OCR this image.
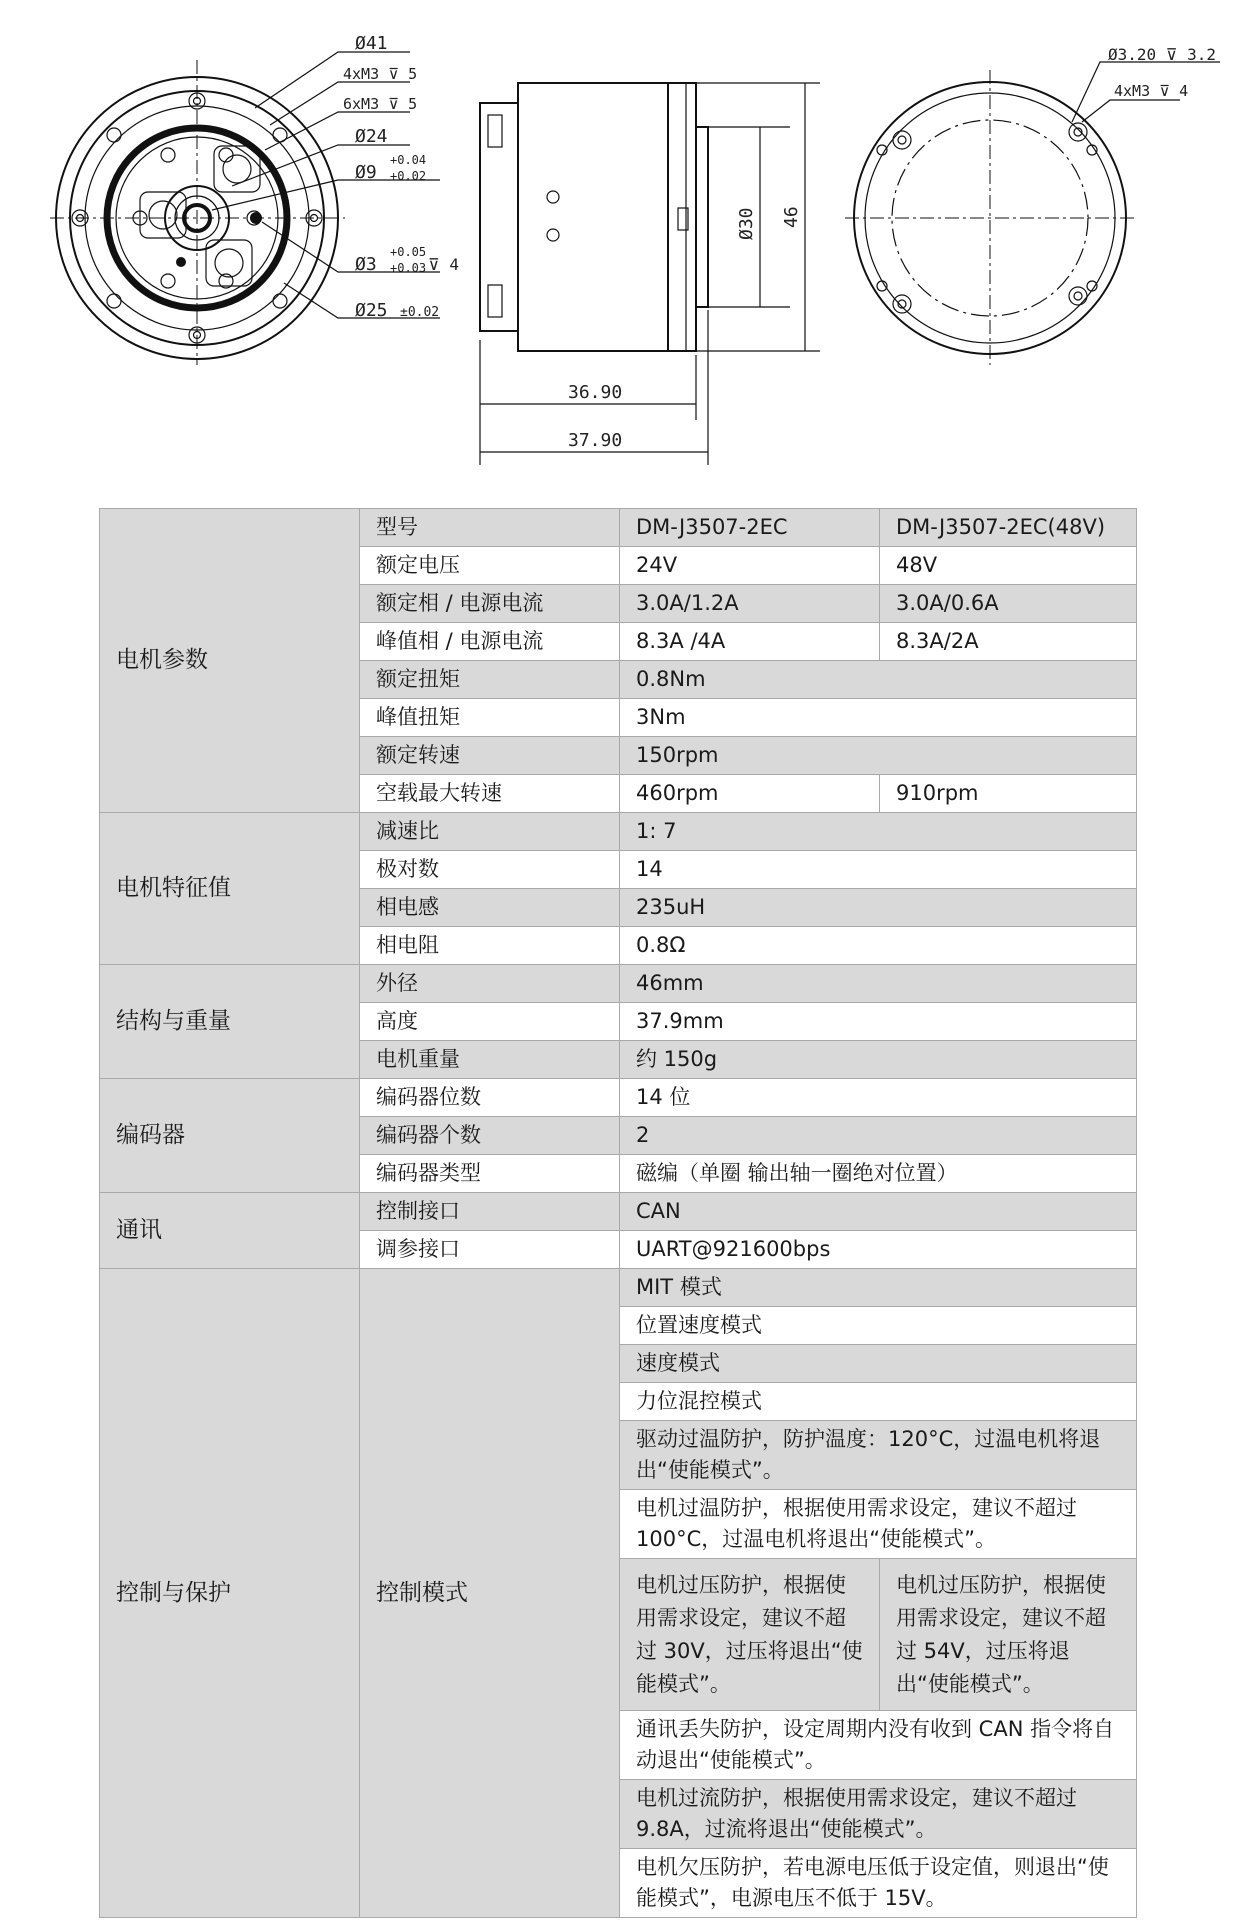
Ø41
4xM3 ⊽ 5
6xM3 ⊽ 5
Ø24
Ø9
+0.04
+0.02
Ø3
+0.05
+0.03 ⊽ 4
Ø25 ±0.02
Ø30 46
36.90
37.90
Ø3.20 ⊽ 3.2
4xM3 ⊽ 4
电机参数	型号	DM-J3507-2EC	DM-J3507-2EC(48V)
	额定电压	24V	48V
	额定相 / 电源电流	3.0A/1.2A	3.0A/0.6A
	峰值相 / 电源电流	8.3A /4A	8.3A/2A
	额定扭矩	0.8Nm	
	峰值扭矩	3Nm	
	额定转速	150rpm	
	空载最大转速	460rpm	910rpm
电机特征值	减速比	1: 7	
	极对数	14	
	相电感	235uH	
	相电阻	0.8Ω	
结构与重量	外径	46mm	
	高度	37.9mm	
	电机重量	约 150g	
编码器	编码器位数	14 位	
	编码器个数	2	
	编码器类型	磁编（单圈 输出轴一圈绝对位置）	
通讯	控制接口	CAN	
	调参接口	UART@921600bps	
控制与保护	控制模式	MIT 模式	
		位置速度模式	
		速度模式	
		力位混控模式	
		驱动过温防护，防护温度：120°C，过温电机将退出“使能模式”。	
		电机过温防护，根据使用需求设定，建议不超过 100°C，过温电机将退出“使能模式”。	
		电机过压防护，根据使用需求设定，建议不超过 30V，过压将退出“使能模式”。	电机过压防护，根据使用需求设定，建议不超过 54V，过压将退出“使能模式”。
		通讯丢失防护，设定周期内没有收到 CAN 指令将自动退出“使能模式”。	
		电机过流防护，根据使用需求设定，建议不超过 9.8A，过流将退出“使能模式”。	
		电机欠压防护，若电源电压低于设定值，则退出“使能模式”，电源电压不低于 15V。	
